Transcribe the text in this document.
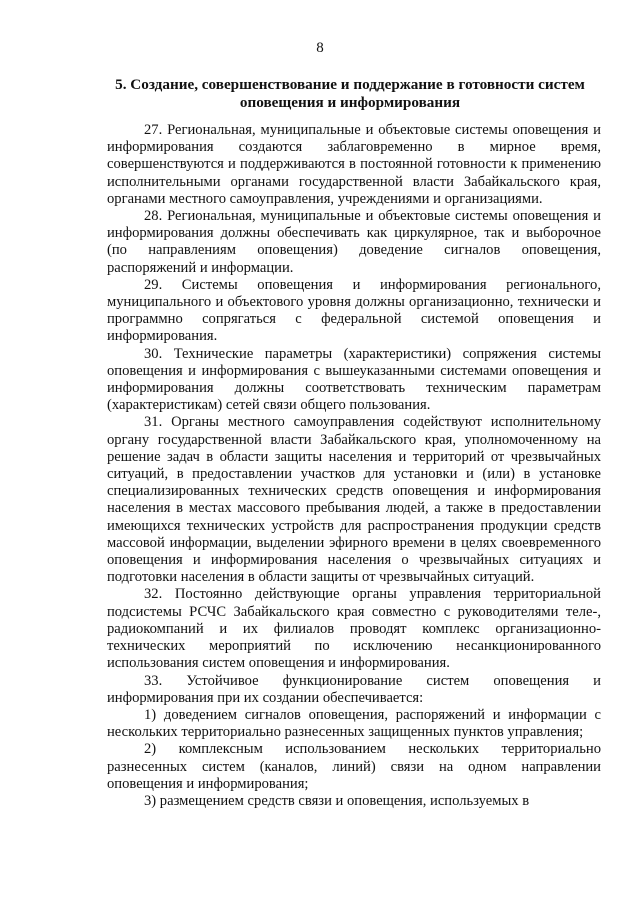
8
5. Создание, совершенствование и поддержание в готовности систем оповещения и информирования

27. Региональная, муниципальные и объектовые системы оповещения и информирования создаются заблаговременно в мирное время, совершенствуются и поддерживаются в постоянной готовности к применению исполнительными органами государственной власти Забайкальского края, органами местного самоуправления, учреждениями и организациями.

28. Региональная, муниципальные и объектовые системы оповещения и информирования должны обеспечивать как циркулярное, так и выборочное (по направлениям оповещения) доведение сигналов оповещения, распоряжений и информации.

29. Системы оповещения и информирования регионального, муниципального и объектового уровня должны организационно, технически и программно сопрягаться с федеральной системой оповещения и информирования.

30. Технические параметры (характеристики) сопряжения системы оповещения и информирования с вышеуказанными системами оповещения и информирования должны соответствовать техническим параметрам (характеристикам) сетей связи общего пользования.

31. Органы местного самоуправления содействуют исполнительному органу государственной власти Забайкальского края, уполномоченному на решение задач в области защиты населения и территорий от чрезвычайных ситуаций, в предоставлении участков для установки и (или) в установке специализированных технических средств оповещения и информирования населения в местах массового пребывания людей, а также в предоставлении имеющихся технических устройств для распространения продукции средств массовой информации, выделении эфирного времени в целях своевременного оповещения и информирования населения о чрезвычайных ситуациях и подготовки населения в области защиты от чрезвычайных ситуаций.

32. Постоянно действующие органы управления территориальной подсистемы РСЧС Забайкальского края совместно с руководителями теле-, радиокомпаний и их филиалов проводят комплекс организационно-технических мероприятий по исключению несанкционированного использования систем оповещения и информирования.

33. Устойчивое функционирование систем оповещения и информирования при их создании обеспечивается:

1) доведением сигналов оповещения, распоряжений и информации с нескольких территориально разнесенных защищенных пунктов управления;

2) комплексным использованием нескольких территориально разнесенных систем (каналов, линий) связи на одном направлении оповещения и информирования;

3) размещением средств связи и оповещения, используемых в
